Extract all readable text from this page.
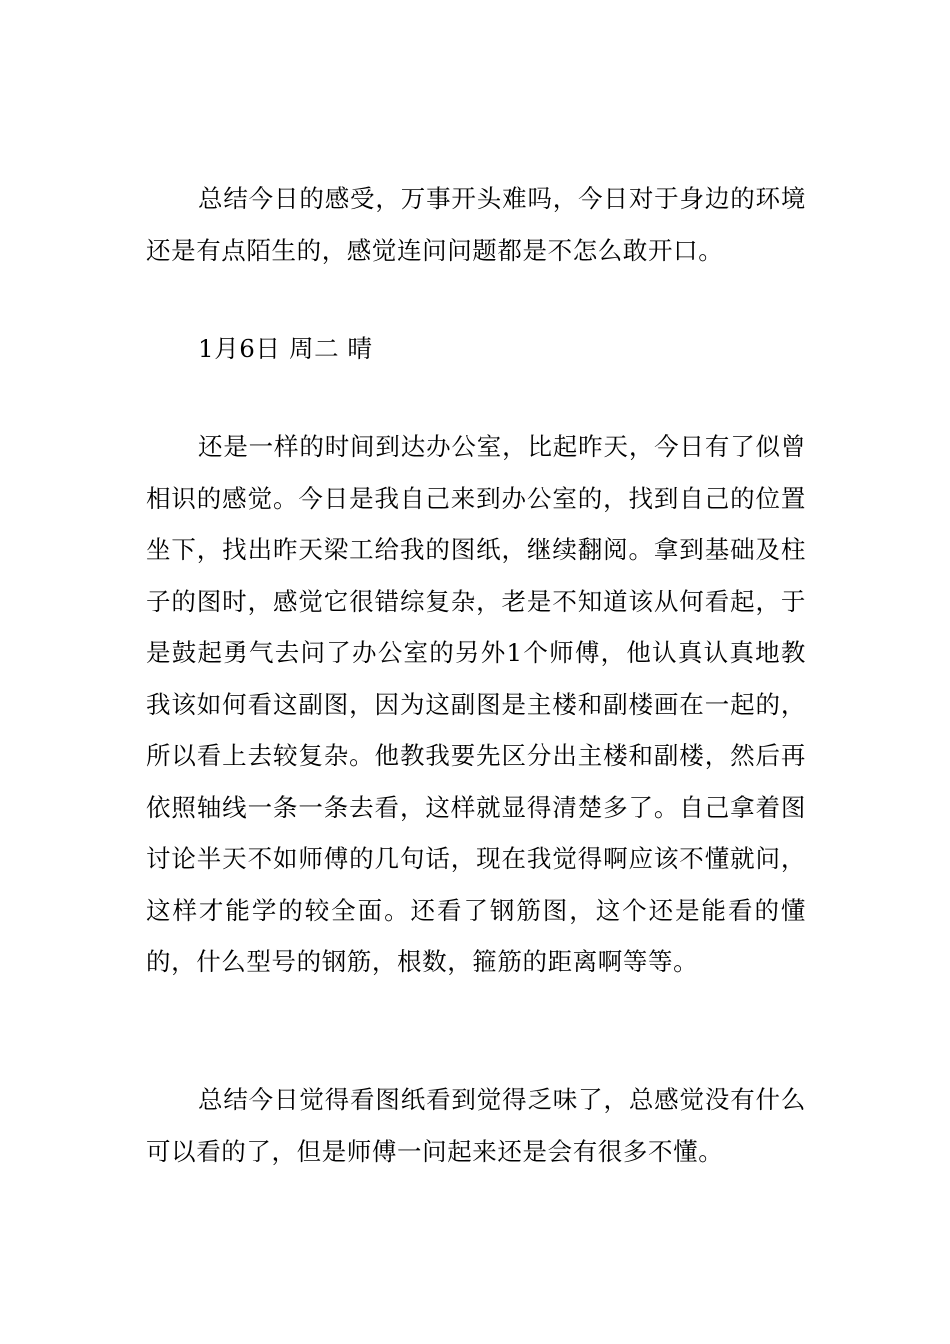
总结今日的感受，万事开头难吗，今日对于身边的环境还是有点陌生的，感觉连问问题都是不怎么敢开口。

1月6日 周二 晴

还是一样的时间到达办公室，比起昨天，今日有了似曾相识的感觉。今日是我自己来到办公室的，找到自己的位置坐下，找出昨天梁工给我的图纸，继续翻阅。拿到基础及柱子的图时，感觉它很错综复杂，老是不知道该从何看起，于是鼓起勇气去问了办公室的另外1个师傅，他认真认真地教我该如何看这副图，因为这副图是主楼和副楼画在一起的，所以看上去较复杂。他教我要先区分出主楼和副楼，然后再依照轴线一条一条去看，这样就显得清楚多了。自己拿着图讨论半天不如师傅的几句话，现在我觉得啊应该不懂就问，这样才能学的较全面。还看了钢筋图，这个还是能看的懂的，什么型号的钢筋，根数，箍筋的距离啊等等。

总结今日觉得看图纸看到觉得乏味了，总感觉没有什么可以看的了，但是师傅一问起来还是会有很多不懂。
